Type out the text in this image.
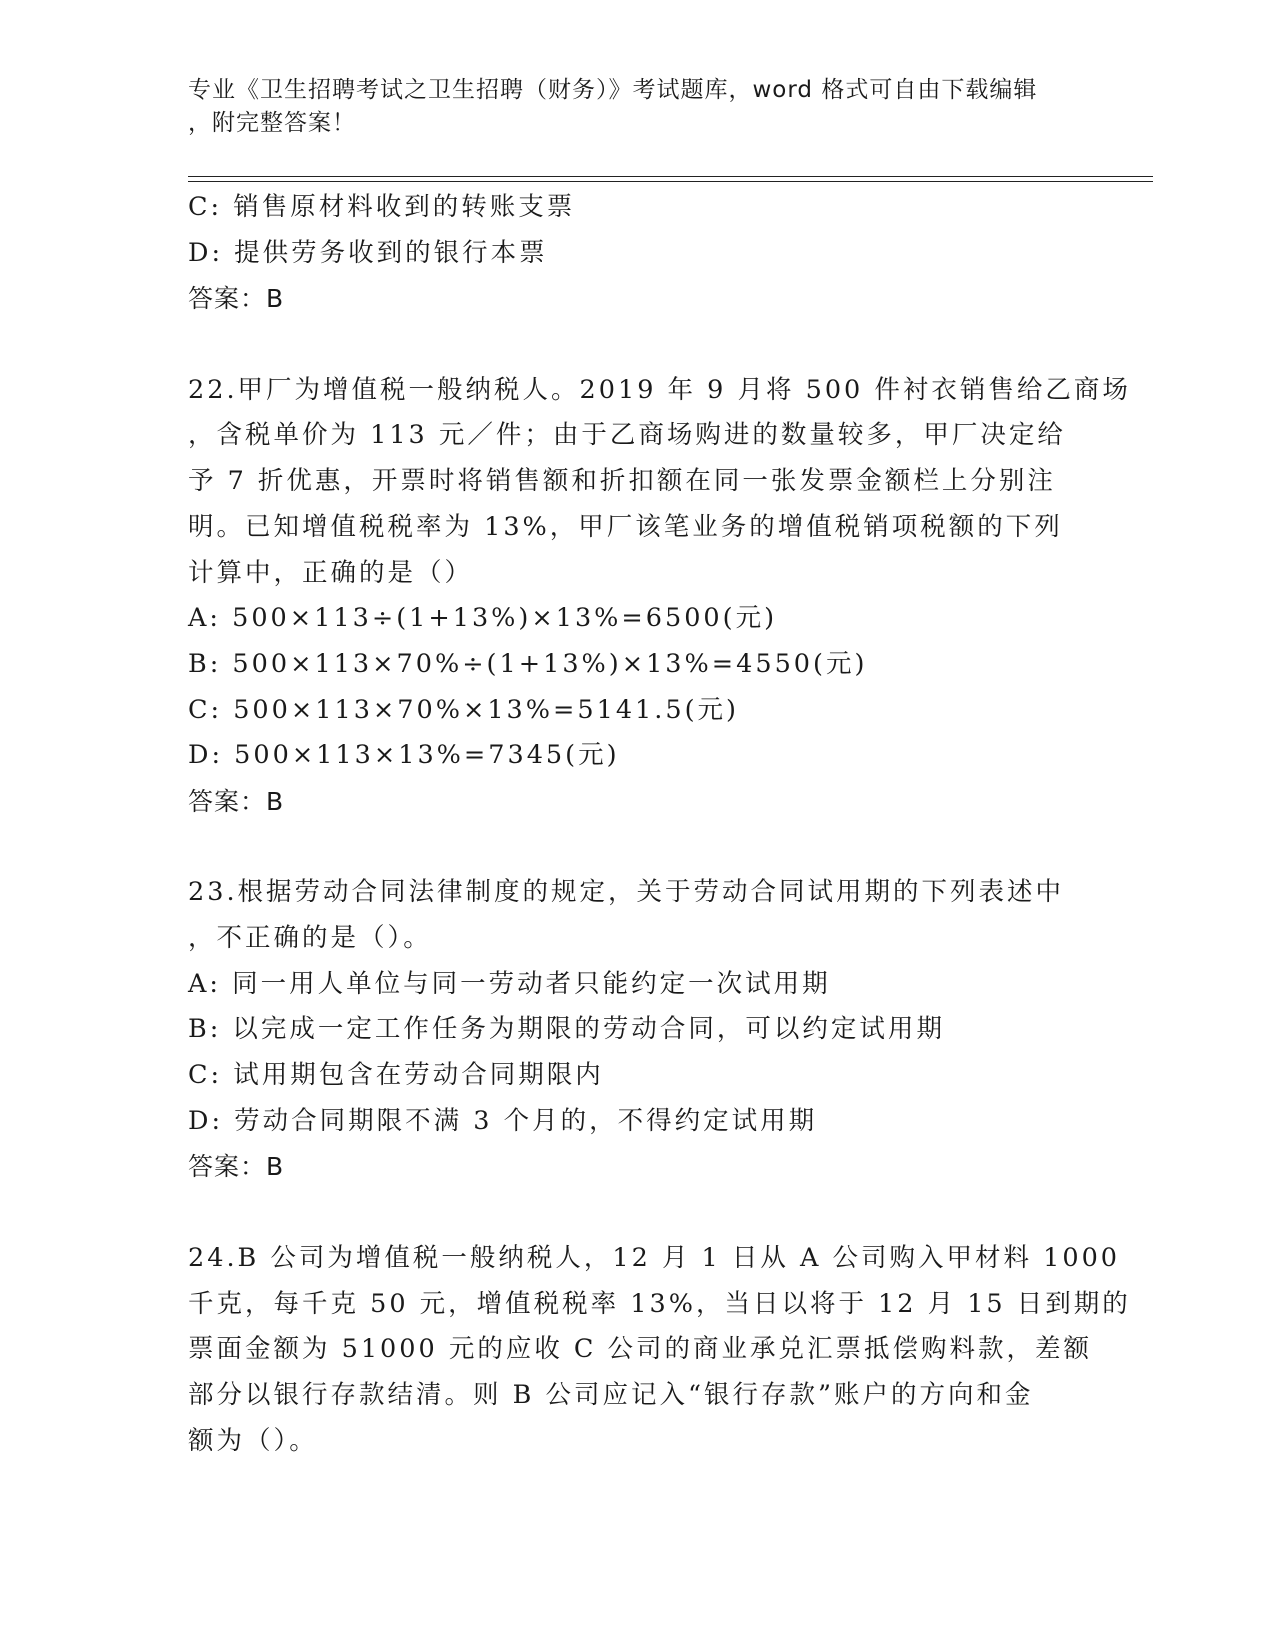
专业《卫生招聘考试之卫生招聘（财务）》考试题库，word 格式可自由下载编辑
，附完整答案！
C: 销售原材料收到的转账支票
D: 提供劳务收到的银行本票
答案：B
22.甲厂为增值税一般纳税人。2019 年 9 月将 500 件衬衣销售给乙商场
，含税单价为 113 元／件；由于乙商场购进的数量较多，甲厂决定给
予 7 折优惠，开票时将销售额和折扣额在同一张发票金额栏上分别注
明。已知增值税税率为 13%，甲厂该笔业务的增值税销项税额的下列
计算中，正确的是（）
A: 500×113÷(1+13%)×13%=6500(元)
B: 500×113×70%÷(1+13%)×13%=4550(元)
C: 500×113×70%×13%=5141.5(元)
D: 500×113×13%=7345(元)
答案：B
23.根据劳动合同法律制度的规定，关于劳动合同试用期的下列表述中
，不正确的是（）。
A: 同一用人单位与同一劳动者只能约定一次试用期
B: 以完成一定工作任务为期限的劳动合同，可以约定试用期
C: 试用期包含在劳动合同期限内
D: 劳动合同期限不满 3 个月的，不得约定试用期
答案：B
24.B 公司为增值税一般纳税人，12 月 1 日从 A 公司购入甲材料 1000
千克，每千克 50 元，增值税税率 13%，当日以将于 12 月 15 日到期的
票面金额为 51000 元的应收 C 公司的商业承兑汇票抵偿购料款，差额
部分以银行存款结清。则 B 公司应记入“银行存款”账户的方向和金
额为（）。
